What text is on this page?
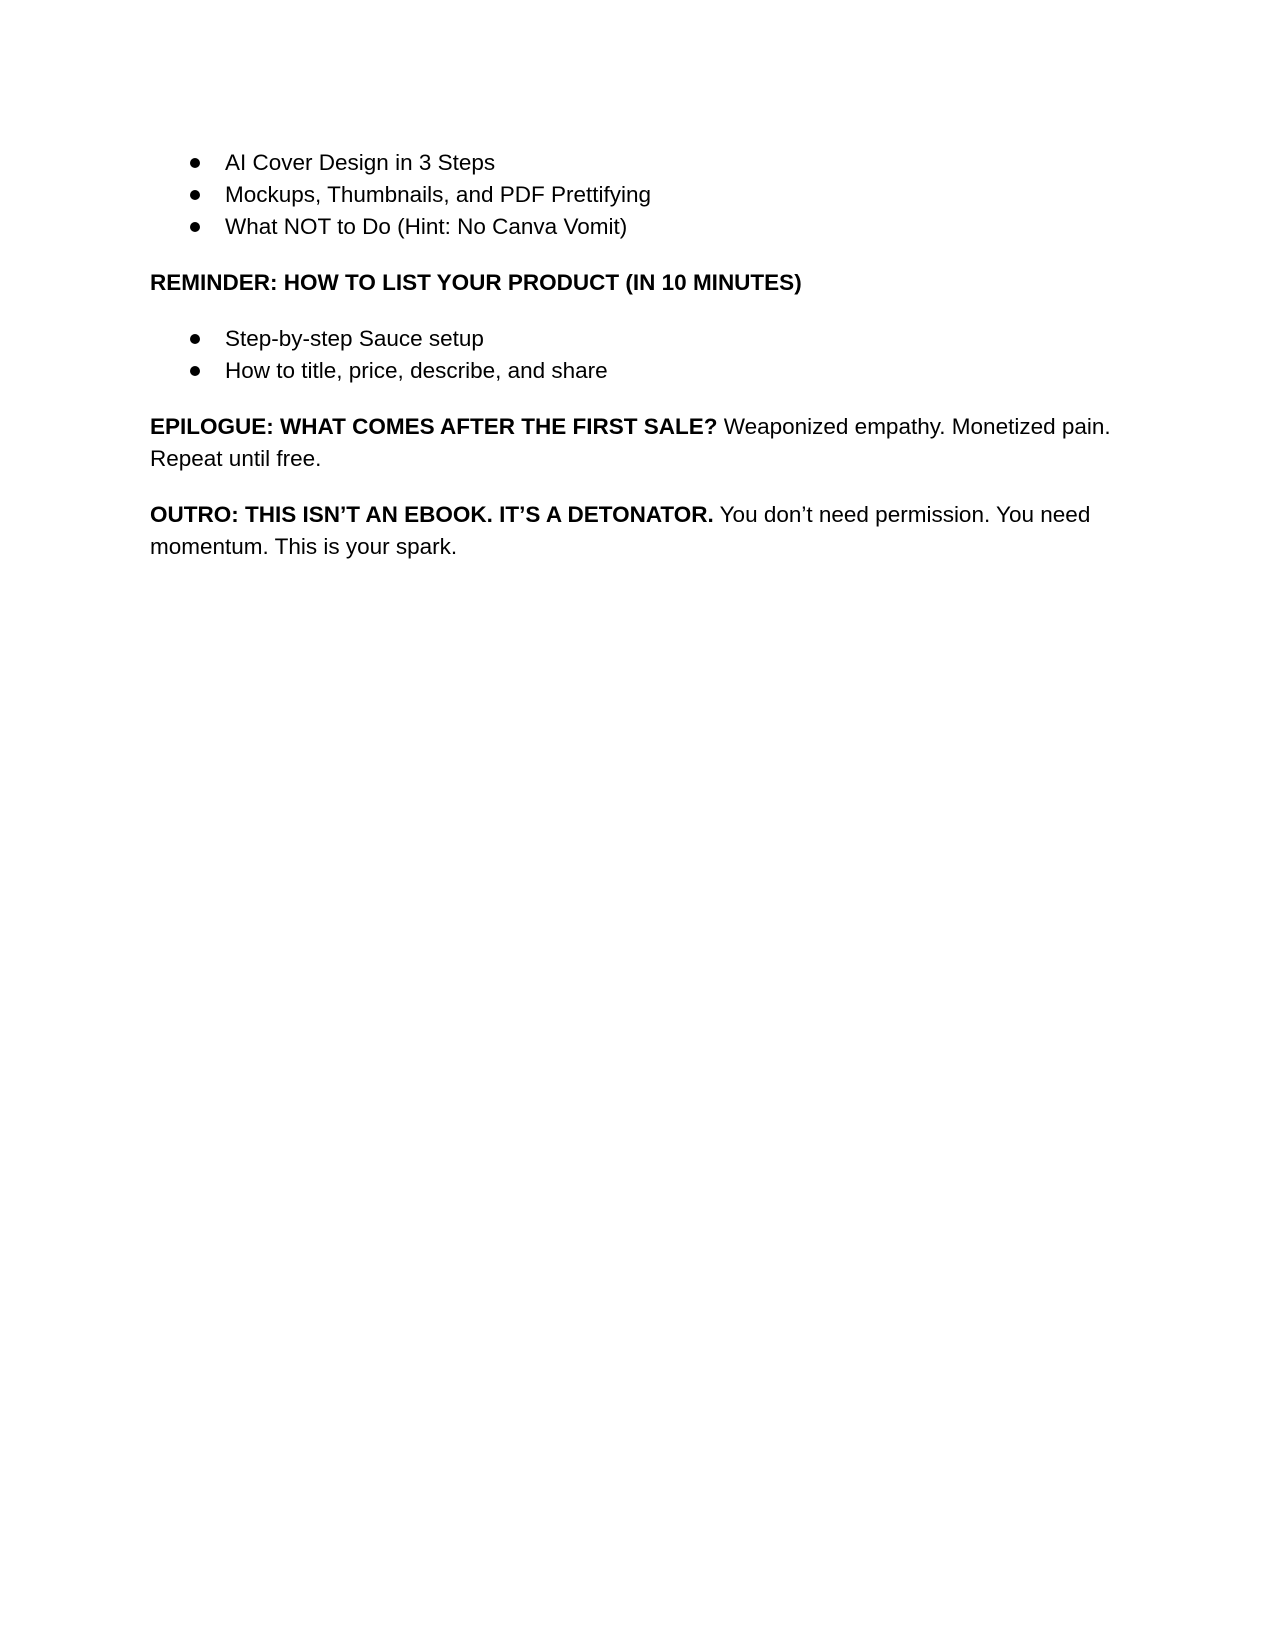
AI Cover Design in 3 Steps
Mockups, Thumbnails, and PDF Prettifying
What NOT to Do (Hint: No Canva Vomit)

REMINDER: HOW TO LIST YOUR PRODUCT (IN 10 MINUTES)

Step-by-step Sauce setup
How to title, price, describe, and share

EPILOGUE: WHAT COMES AFTER THE FIRST SALE? Weaponized empathy. Monetized pain. Repeat until free.

OUTRO: THIS ISN’T AN EBOOK. IT’S A DETONATOR. You don’t need permission. You need momentum. This is your spark.
